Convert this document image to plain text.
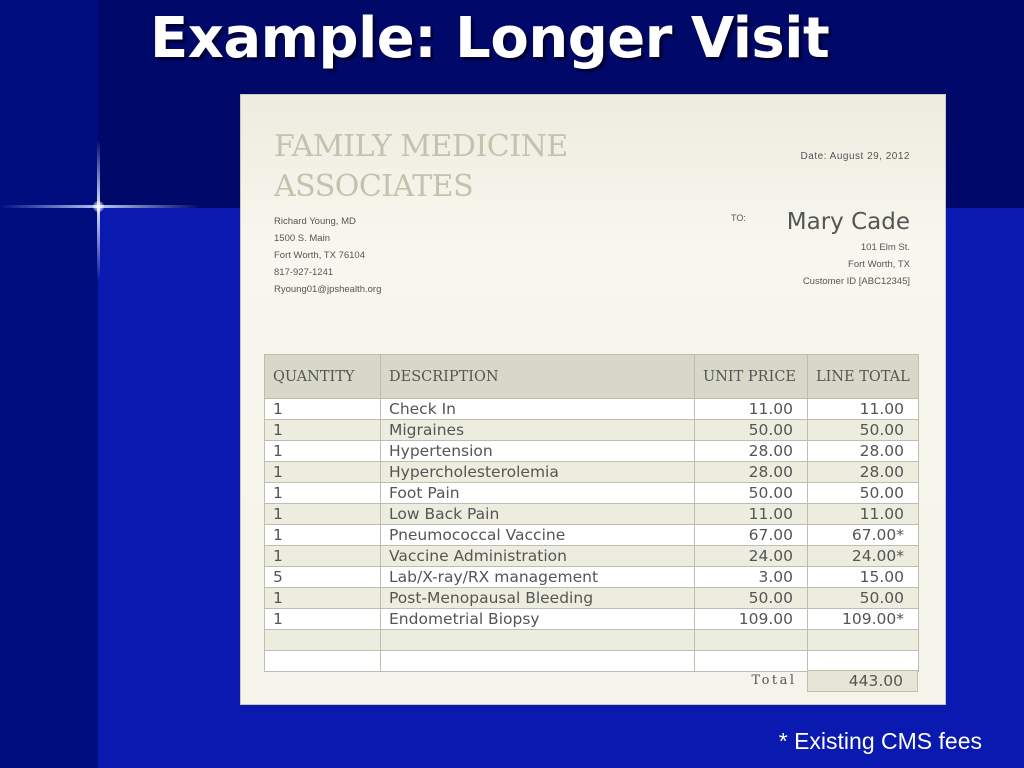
Example: Longer Visit
FAMILY MEDICINE
ASSOCIATES
Richard Young, MD
1500 S. Main
Fort Worth, TX 76104
817-927-1241
Ryoung01@jpshealth.org
Date: August 29, 2012
TO: Mary Cade
101 Elm St.
Fort Worth, TX
Customer ID [ABC12345]
QUANTITY	DESCRIPTION	UNIT PRICE	LINE TOTAL
1	Check In	11.00	11.00
1	Migraines	50.00	50.00
1	Hypertension	28.00	28.00
1	Hypercholesterolemia	28.00	28.00
1	Foot Pain	50.00	50.00
1	Low Back Pain	11.00	11.00
1	Pneumococcal Vaccine	67.00	67.00*
1	Vaccine Administration	24.00	24.00*
5	Lab/X-ray/RX management	3.00	15.00
1	Post-Menopausal Bleeding	50.00	50.00
1	Endometrial Biopsy	109.00	109.00*

Total	443.00
* Existing CMS fees
